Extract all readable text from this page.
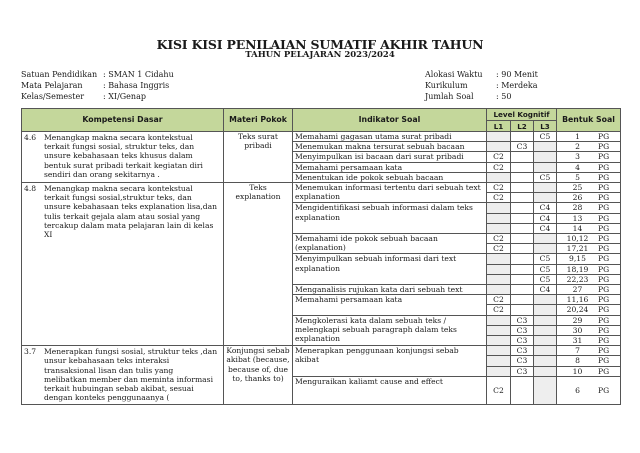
KISI KISI PENILAIAN SUMATIF AKHIR TAHUN
TAHUN PELAJARAN 2023/2024
Satuan Pendidikan : SMAN 1 Cidahu
Mata Pelajaran	: Bahasa Inggris
Kelas/Semester	: XI/Genap
Alokasi Waktu	: 90 Menit
Kurikulum	: Merdeka
Jumlah Soal	: 50
Kompetensi Dasar	Materi Pokok	Indikator Soal	Level Kognitif			Bentuk Soal
			L1	L2	L3	
4.6 Menangkap makna secara kontekstual terkait fungsi sosial, struktur teks, dan unsure kebahasaan teks khusus dalam bentuk surat pribadi terkait kegiatan diri sendiri dan orang sekitarnya .	Teks surat pribadi	Memahami gagasan utama surat pribadi			C5	1 PG

		Menemukan makna tersurat sebuah bacaan		C3		2 PG

		Menyimpulkan isi bacaan dari surat pribadi	C2			3 PG

		Memahami persamaan kata	C2			4 PG

		Menentukan ide pokok sebuah bacaan			C5	5 PG

4.8 Menangkap makna secara kontekstual terkait fungsi sosial,struktur teks, dan unsure kebahasaan teks explanation lisa,dan tulis terkait gejala alam atau sosial yang tercakup dalam mata pelajaran lain di kelas XI	Teks explanation	Menemukan informasi tertentu dari sebuah text explanation	C2			25 PG

			C2			26 PG

		Mengidentifikasi sebuah informasi dalam teks explanation			C4	28 PG

					C4	13 PG

					C4	14 PG

		Memahami ide pokok sebuah bacaan (explanation)	C2			10,12 PG

			C2			17,21 PG

		Menyimpulkan sebuah informasi dari text explanation			C5	9,15 PG

					C5	18,19 PG

					C5	22,23 PG

		Menganalisis rujukan kata dari sebuah text			C4	27 PG

		Memahami persamaan kata	C2			11,16 PG

			C2			20,24 PG

		Mengkolerasi kata dalam sebuah teks / melengkapi sebuah paragraph dalam teks explanation		C3		29 PG

				C3		30 PG

				C3		31 PG

3.7 Menerapkan fungsi sosial, struktur teks ,dan unsur kebahasaan teks interaksi transaksional lisan dan tulis yang melibatkan member dan meminta informasi terkait hubuingan sebab akibat, sesuai dengan konteks penggunaanya (	Konjungsi sebab akibat (because, because of, due to, thanks to)	Menerapkan penggunaan konjungsi sebab akibat		C3		7 PG

				C3		8 PG

				C3		10 PG

		Menguraikan kaliamt cause and effect	C2			6 PG
